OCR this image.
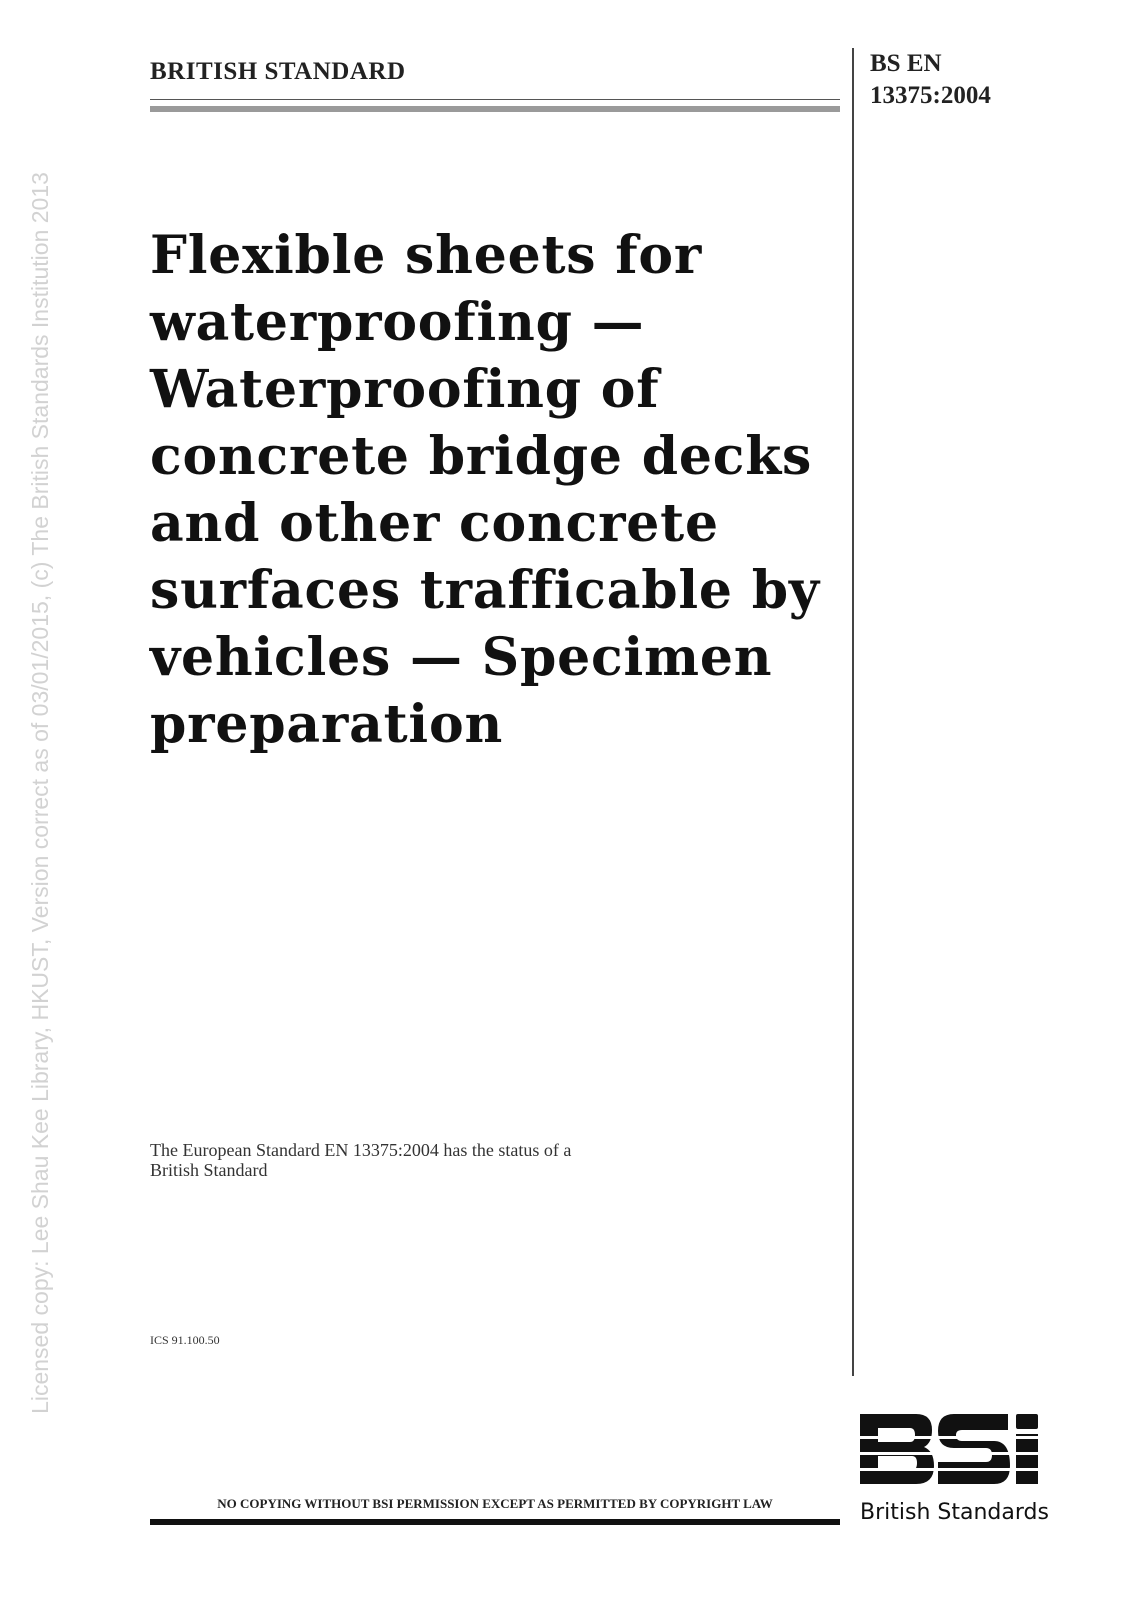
Licensed copy: Lee Shau Kee Library, HKUST, Version correct as of 03/01/2015, (c) The British Standards Institution 2013
BRITISH STANDARD	BS EN
13375:2004
Flexible sheets for
waterproofing —
Waterproofing of
concrete bridge decks
and other concrete
surfaces trafficable by
vehicles — Specimen
preparation
The European Standard EN 13375:2004 has the status of a
British Standard
ICS 91.100.50
NO COPYING WITHOUT BSI PERMISSION EXCEPT AS PERMITTED BY COPYRIGHT LAW	British Standards
